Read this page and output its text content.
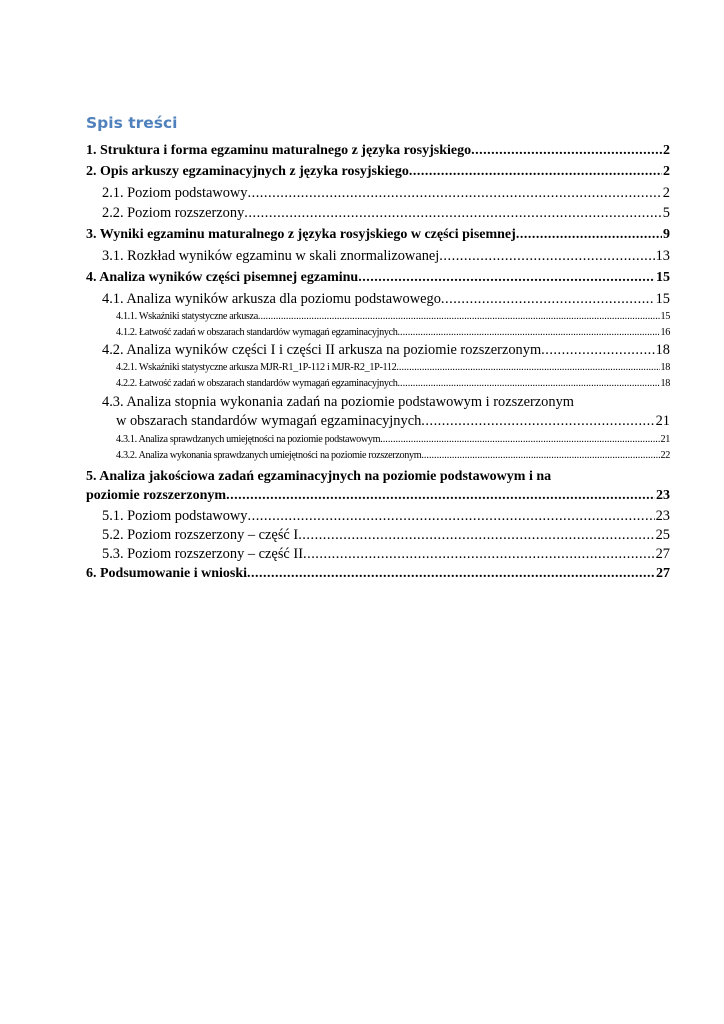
Spis treści
1. Struktura i forma egzaminu maturalnego z języka rosyjskiego .....	2
2. Opis arkuszy egzaminacyjnych z języka rosyjskiego .....	2
2.1. Poziom podstawowy .....	2
2.2. Poziom rozszerzony .....	5
3. Wyniki egzaminu maturalnego z języka rosyjskiego w części pisemnej .....	9
3.1. Rozkład wyników egzaminu w skali znormalizowanej .....	13
4. Analiza wyników części pisemnej egzaminu .....	15
4.1. Analiza wyników arkusza dla poziomu podstawowego .....	15
4.1.1. Wskaźniki statystyczne arkusza .....	15
4.1.2. Łatwość zadań w obszarach standardów wymagań egzaminacyjnych .....	16
4.2. Analiza wyników części I i części II arkusza na poziomie rozszerzonym .....	18
4.2.1. Wskaźniki statystyczne arkusza MJR-R1_1P-112 i MJR-R2_1P-112 .....	18
4.2.2. Łatwość zadań w obszarach standardów wymagań egzaminacyjnych .....	18
4.3. Analiza stopnia wykonania zadań na poziomie podstawowym i rozszerzonym
w obszarach standardów wymagań egzaminacyjnych .....	21
4.3.1. Analiza sprawdzanych umiejętności na poziomie podstawowym .....	21
4.3.2. Analiza wykonania sprawdzanych umiejętności na poziomie rozszerzonym .....	22
5. Analiza jakościowa zadań egzaminacyjnych na poziomie podstawowym i na
poziomie rozszerzonym .....	23
5.1. Poziom podstawowy .....	23
5.2. Poziom rozszerzony – część I .....	25
5.3. Poziom rozszerzony – część II .....	27
6. Podsumowanie i wnioski .....	27
